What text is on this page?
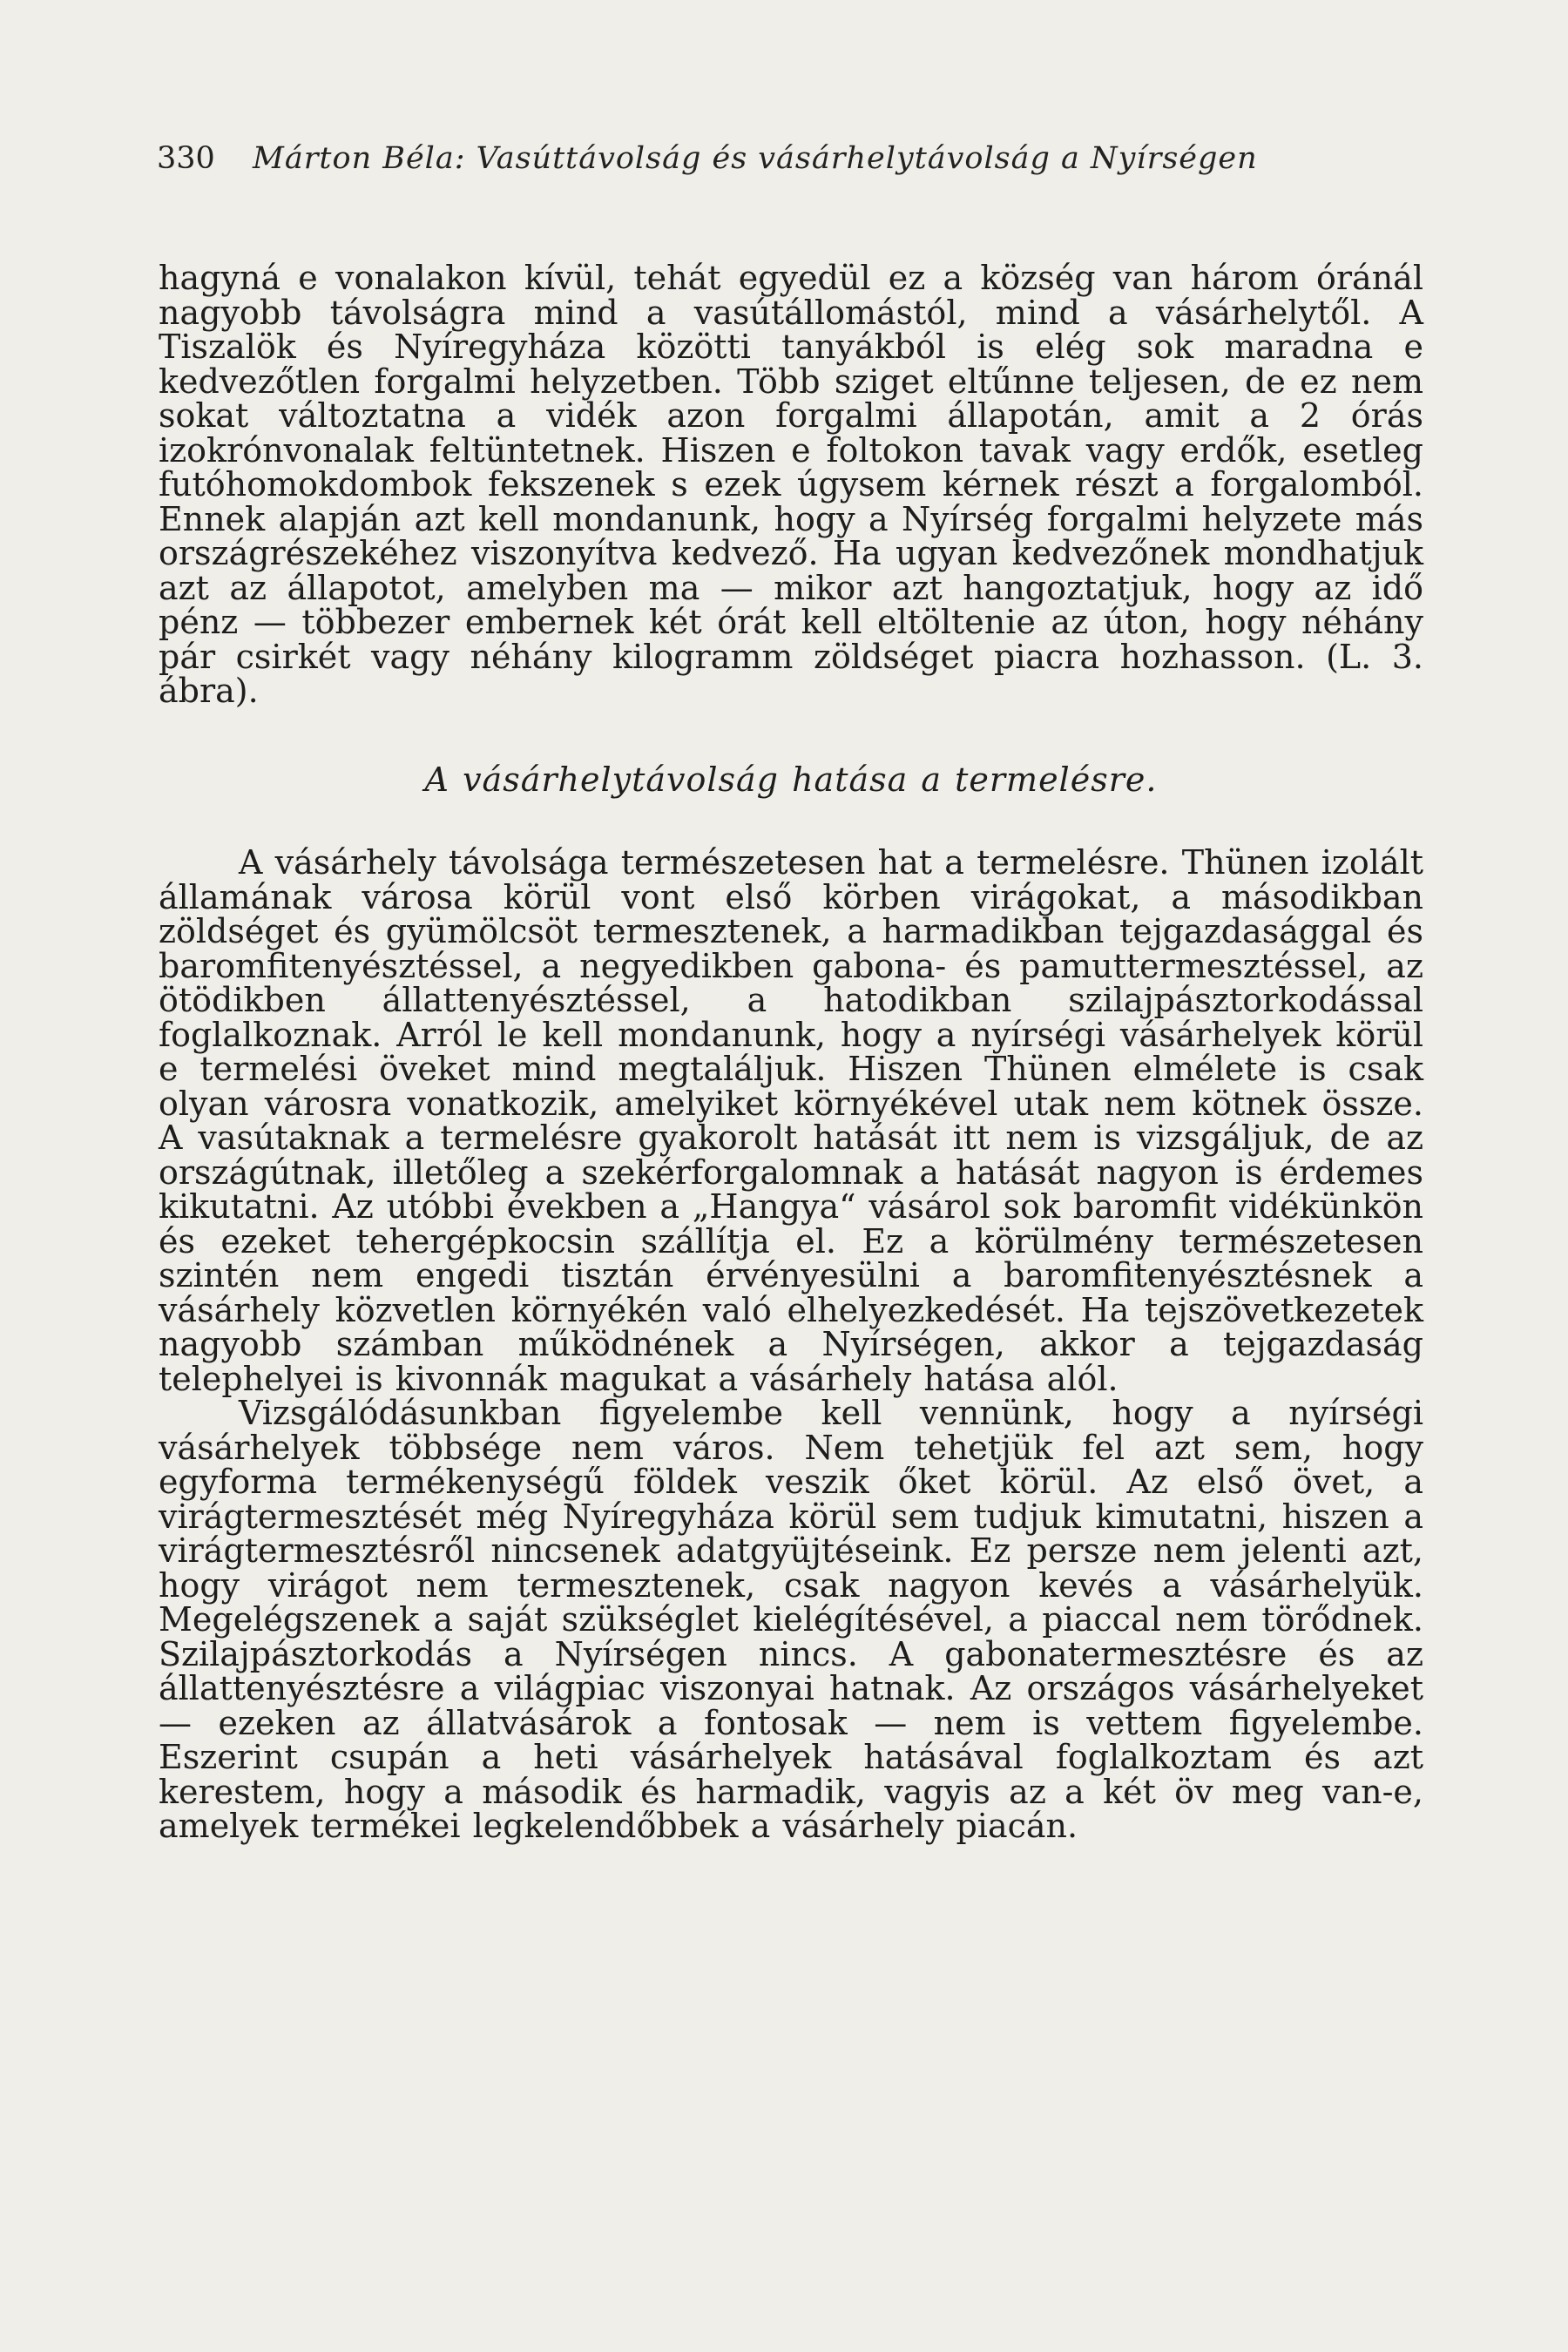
330 Márton Béla: Vasúttávolság és vásárhelytávolság a Nyírségen

hagyná e vonalakon kívül, tehát egyedül ez a község van három óránál nagyobb távolságra mind a vasútállomástól, mind a vásárhelytől. A Tiszalök és Nyíregyháza közötti tanyákból is elég sok maradna e kedvezőtlen forgalmi helyzetben. Több sziget eltűnne teljesen, de ez nem sokat változtatna a vidék azon forgalmi állapotán, amit a 2 órás izokrónvonalak feltüntetnek. Hiszen e foltokon tavak vagy erdők, esetleg futóhomokdombok fekszenek s ezek úgysem kérnek részt a forgalomból. Ennek alapján azt kell mondanunk, hogy a Nyírség forgalmi helyzete más országrészekéhez viszonyítva kedvező. Ha ugyan kedvezőnek mondhatjuk azt az állapotot, amelyben ma — mikor azt hangoztatjuk, hogy az idő pénz — többezer embernek két órát kell eltöltenie az úton, hogy néhány pár csirkét vagy néhány kilogramm zöldséget piacra hozhasson. (L. 3. ábra).

A vásárhelytávolság hatása a termelésre.

A vásárhely távolsága természetesen hat a termelésre. Thünen izolált államának városa körül vont első körben virágokat, a másodikban zöldséget és gyümölcsöt termesztenek, a harmadikban tejgazdasággal és baromfitenyésztéssel, a negyedikben gabona- és pamuttermesztéssel, az ötödikben állattenyésztéssel, a hatodikban szilajpásztorkodással foglalkoznak. Arról le kell mondanunk, hogy a nyírségi vásárhelyek körül e termelési öveket mind megtaláljuk. Hiszen Thünen elmélete is csak olyan városra vonatkozik, amelyiket környékével utak nem kötnek össze. A vasútaknak a termelésre gyakorolt hatását itt nem is vizsgáljuk, de az országútnak, illetőleg a szekérforgalomnak a hatását nagyon is érdemes kikutatni. Az utóbbi években a „Hangya“ vásárol sok baromfit vidékünkön és ezeket tehergépkocsin szállítja el. Ez a körülmény természetesen szintén nem engedi tisztán érvényesülni a baromfitenyésztésnek a vásárhely közvetlen környékén való elhelyezkedését. Ha tejszövetkezetek nagyobb számban működnének a Nyírségen, akkor a tejgazdaság telephelyei is kivonnák magukat a vásárhely hatása alól.

Vizsgálódásunkban figyelembe kell vennünk, hogy a nyírségi vásárhelyek többsége nem város. Nem tehetjük fel azt sem, hogy egyforma termékenységű földek veszik őket körül. Az első övet, a virágtermesztését még Nyíregyháza körül sem tudjuk kimutatni, hiszen a virágtermesztésről nincsenek adatgyüjtéseink. Ez persze nem jelenti azt, hogy virágot nem termesztenek, csak nagyon kevés a vásárhelyük. Megelégszenek a saját szükséglet kielégítésével, a piaccal nem törődnek. Szilajpásztorkodás a Nyírségen nincs. A gabonatermesztésre és az állattenyésztésre a világpiac viszonyai hatnak. Az országos vásárhelyeket — ezeken az állatvásárok a fontosak — nem is vettem figyelembe. Eszerint csupán a heti vásárhelyek hatásával foglalkoztam és azt kerestem, hogy a második és harmadik, vagyis az a két öv meg van-e, amelyek termékei legkelendőbbek a vásárhely piacán.
